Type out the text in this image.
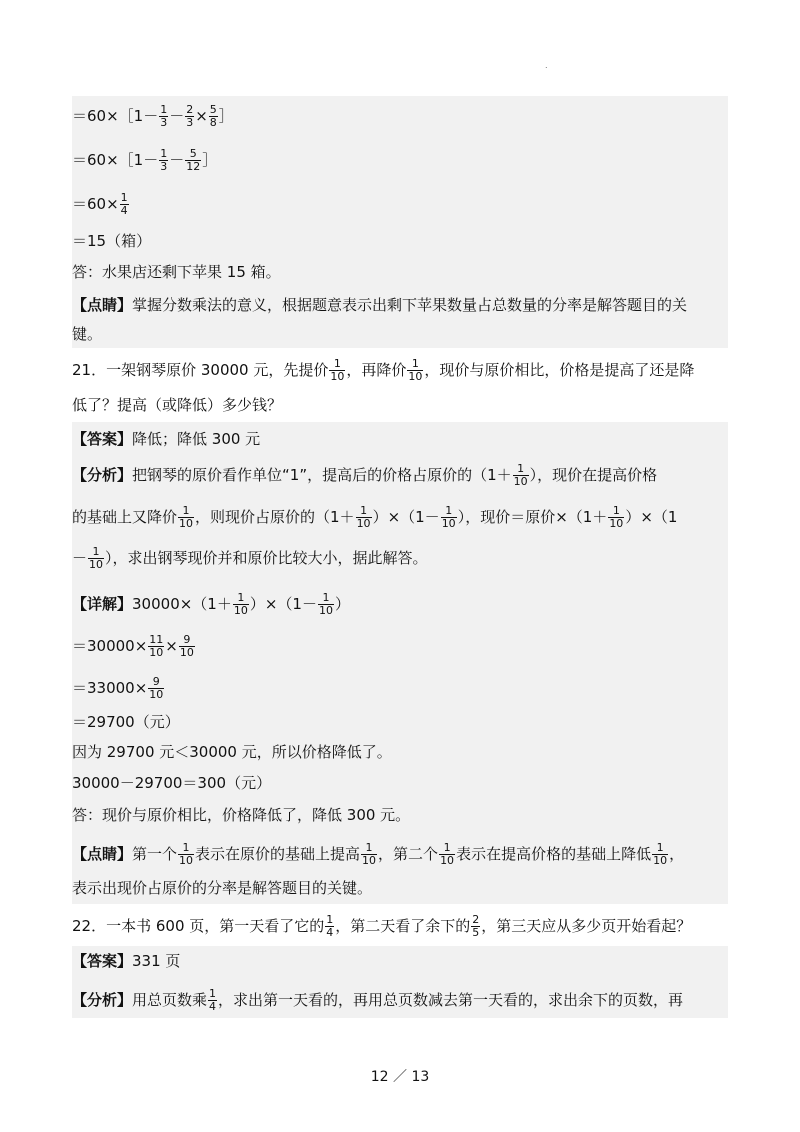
.
＝60×［1－ $\frac{1}{3} - \frac{2}{3} \times \frac{5}{8}$ ］
＝60×［1－ $\frac{1}{3} - \frac{5}{12}$ ］
$=60\times \frac{1}{4}$
＝15（箱）
答：水果店还剩下苹果 15 箱。
【点睛】掌握分数乘法的意义，根据题意表示出剩下苹果数量占总数量的分率是解答题目的关
键。
21．一架钢琴原价 30000 元，先提价 $\frac{1}{10}$ ，再降价 $\frac{1}{10}$ ，现价与原价相比，价格是提高了还是降
低了？提高（或降低）多少钱？
【答案】降低；降低 300 元
【分析】把钢琴的原价看作单位“1”，提高后的价格占原价的（$1+ \frac{1}{10}$ ），现价在提高价格
的基础上又降价 $\frac{1}{10}$ ，则现价占原价的$(1+ \frac{1}{10} )\times(1- \frac{1}{10}$ ），现价＝原价$\times(1+ \frac{1}{10} )\times(1$
－ $\frac{1}{10}$ ），求出钢琴现价并和原价比较大小，据此解答。
【详解】$30000\times(1+ \frac{1}{10} )\times(1- \frac{1}{10}$ ）
$=30000\times \frac{11}{10} \times \frac{9}{10}$
$=33000\times \frac{9}{10}$
＝29700（元）
因为 29700 元＜30000 元，所以价格降低了。
30000－29700＝300（元）
答：现价与原价相比，价格降低了，降低 300 元。
【点睛】第一个 $\frac{1}{10}$ 表示在原价的基础上提高 $\frac{1}{10}$ ，第二个 $\frac{1}{10}$ 表示在提高价格的基础上降低 $\frac{1}{10}$ ，
表示出现价占原价的分率是解答题目的关键。
22．一本书 600 页，第一天看了它的 $\frac{1}{4}$ ，第二天看了余下的 $\frac{2}{5}$ ，第三天应从多少页开始看起？
【答案】331 页
【分析】用总页数乘 $\frac{1}{4}$ ，求出第一天看的，再用总页数减去第一天看的，求出余下的页数，再
12 ／ 13
